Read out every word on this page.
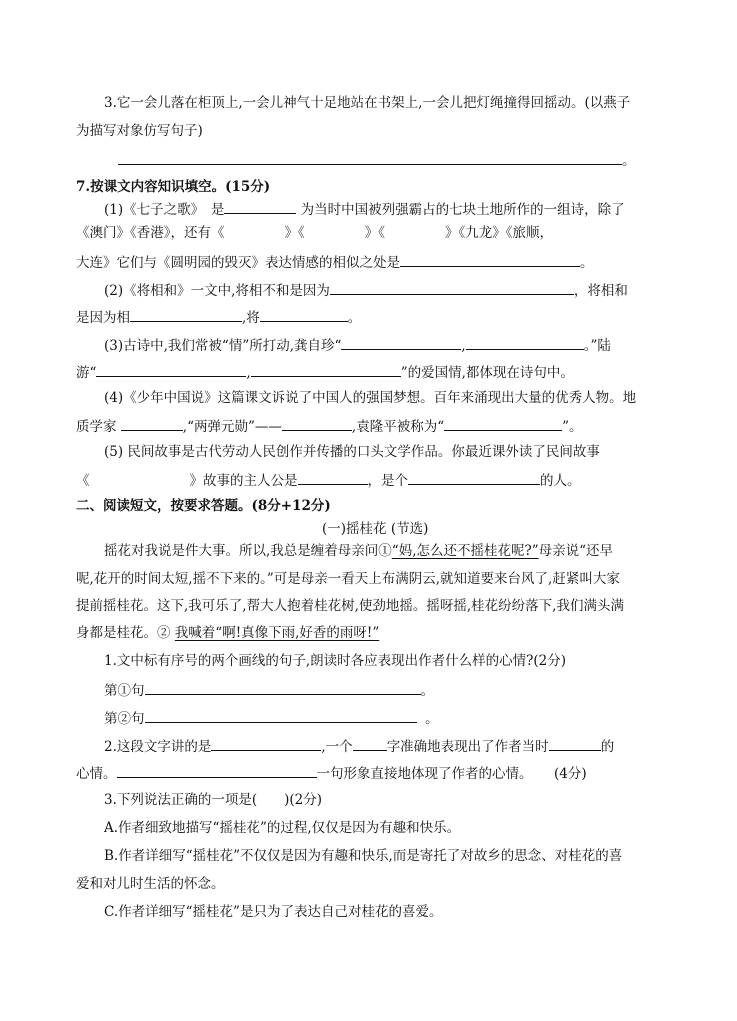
3.它一会儿落在柜顶上,一会儿神气十足地站在书架上,一会儿把灯绳撞得回摇动。(以燕子
为描写对象仿写句子)
。
7.按课文内容知识填空。(15分)
(1)《七子之歌》　是	为当时中国被列强霸占的七块土地所作的一组诗，除了
《澳门》《香港》，还有《	》《	》《	》《九龙》《旅顺，
大连》它们与《圆明园的毁灭》表达情感的相似之处是	。
(2)《将相和》一文中,将相不和是因为	，将相和
是因为相	,将	。
(3)古诗中,我们常被“情”所打动,龚自珍“	,	。”陆
游“	,	”的爱国情,都体现在诗句中。
(4)《少年中国说》这篇课文诉说了中国人的强国梦想。百年来涌现出大量的优秀人物。地
质学家	,“两弹元勋”——	,袁隆平被称为“	”。
(5) 民间故事是古代劳动人民创作并传播的口头文学作品。你最近课外读了民间故事
《	》故事的主人公是	，是个	的人。
二、阅读短文，按要求答题。(8分+12分)
(一)摇桂花 (节选)
摇花对我说是件大事。所以,我总是缠着母亲问①“妈,怎么还不摇桂花呢?”母亲说“还早
呢,花开的时间太短,摇不下来的。”可是母亲一看天上布满阴云,就知道要来台风了,赶紧叫大家
提前摇桂花。这下,我可乐了,帮大人抱着桂花树,使劲地摇。摇呀摇,桂花纷纷落下,我们满头满
身都是桂花。② 我喊着“啊!真像下雨,好香的雨呀!”
1.文中标有序号的两个画线的句子,朗读时各应表现出作者什么样的心情?(2分)
第①句	。
第②句	。
2.这段文字讲的是	,一个	字准确地表现出了作者当时	的
心情。	一句形象直接地体现了作者的心情。 (4分)
3.下列说法正确的一项是(　　)(2分)
A.作者细致地描写“摇桂花”的过程,仅仅是因为有趣和快乐。
B.作者详细写“摇桂花”不仅仅是因为有趣和快乐,而是寄托了对故乡的思念、对桂花的喜
爱和对儿时生活的怀念。
C.作者详细写“摇桂花”是只为了表达自己对桂花的喜爱。
